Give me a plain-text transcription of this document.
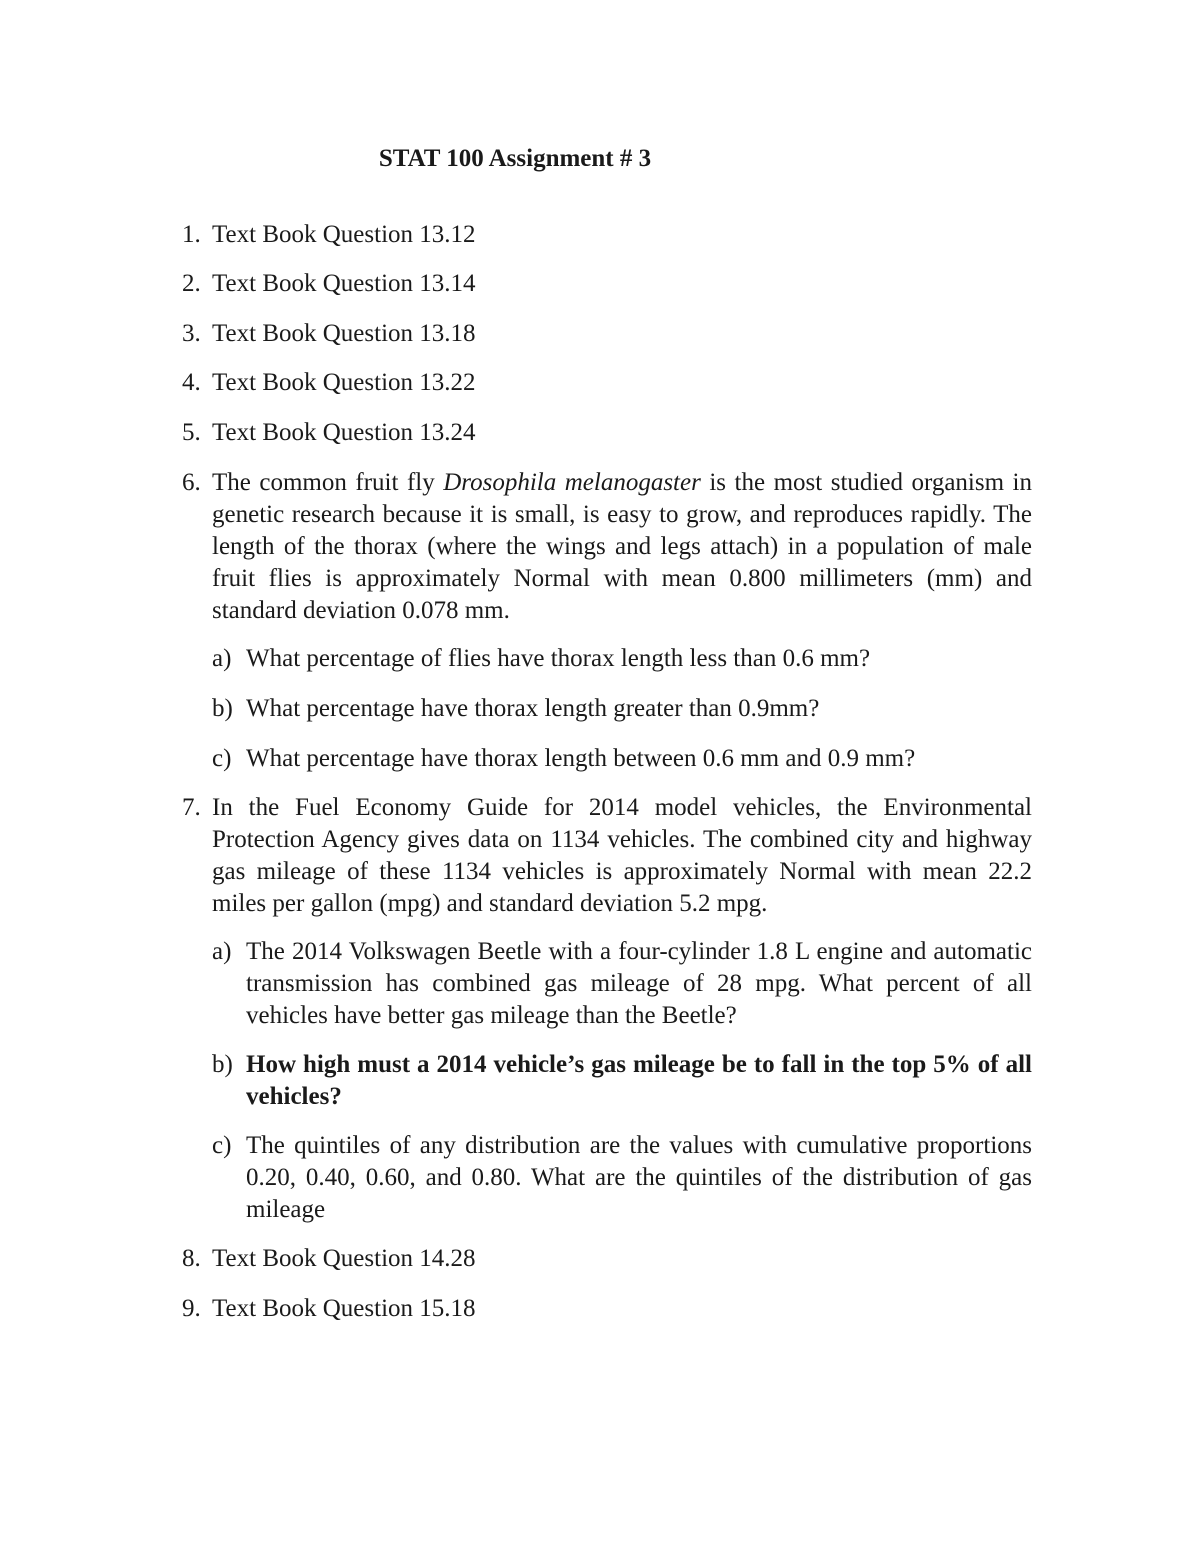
STAT 100 Assignment # 3
1. Text Book Question 13.12
2. Text Book Question 13.14
3. Text Book Question 13.18
4. Text Book Question 13.22
5. Text Book Question 13.24
6. The common fruit fly Drosophila melanogaster is the most studied organism in genetic research because it is small, is easy to grow, and reproduces rapidly. The length of the thorax (where the wings and legs attach) in a population of male fruit flies is approximately Normal with mean 0.800 millimeters (mm) and standard deviation 0.078 mm.
a) What percentage of flies have thorax length less than 0.6 mm?
b) What percentage have thorax length greater than 0.9mm?
c) What percentage have thorax length between 0.6 mm and 0.9 mm?
7. In the Fuel Economy Guide for 2014 model vehicles, the Environmental Protection Agency gives data on 1134 vehicles. The combined city and highway gas mileage of these 1134 vehicles is approximately Normal with mean 22.2 miles per gallon (mpg) and standard deviation 5.2 mpg.
a) The 2014 Volkswagen Beetle with a four-cylinder 1.8 L engine and automatic transmission has combined gas mileage of 28 mpg. What percent of all vehicles have better gas mileage than the Beetle?
b) How high must a 2014 vehicle’s gas mileage be to fall in the top 5% of all vehicles?
c) The quintiles of any distribution are the values with cumulative proportions 0.20, 0.40, 0.60, and 0.80. What are the quintiles of the distribution of gas mileage
8. Text Book Question 14.28
9. Text Book Question 15.18
